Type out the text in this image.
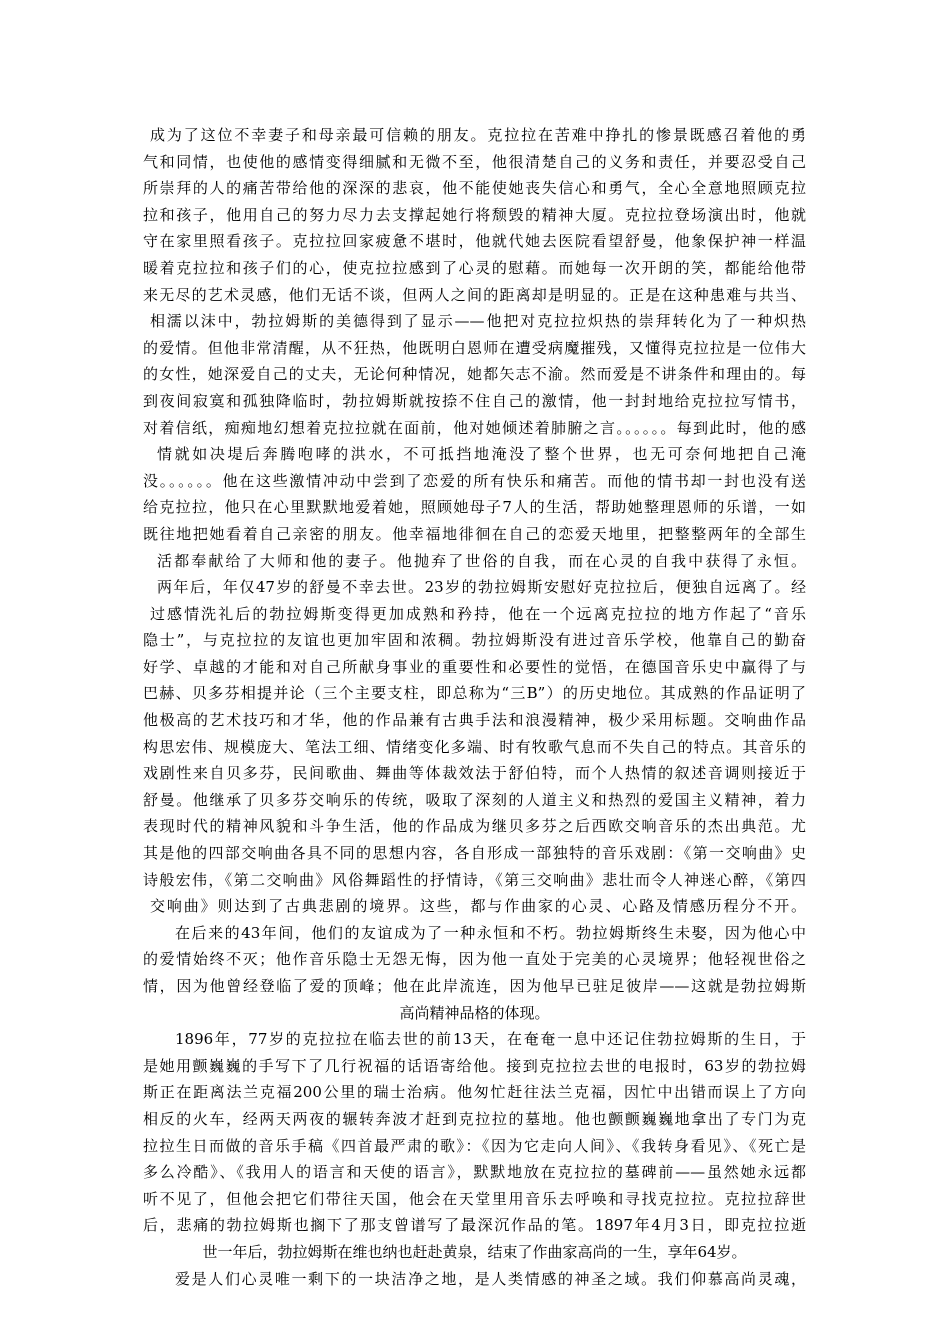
成为了这位不幸妻子和母亲最可信赖的朋友。克拉拉在苦难中挣扎的惨景既感召着他的勇
气和同情，也使他的感情变得细腻和无微不至，他很清楚自己的义务和责任，并要忍受自己
所崇拜的人的痛苦带给他的深深的悲哀，他不能使她丧失信心和勇气，全心全意地照顾克拉
拉和孩子，他用自己的努力尽力去支撑起她行将颓毁的精神大厦。克拉拉登场演出时，他就
守在家里照看孩子。克拉拉回家疲惫不堪时，他就代她去医院看望舒曼，他象保护神一样温
暖着克拉拉和孩子们的心，使克拉拉感到了心灵的慰藉。而她每一次开朗的笑，都能给他带
来无尽的艺术灵感，他们无话不谈，但两人之间的距离却是明显的。正是在这种患难与共当、
相濡以沫中，勃拉姆斯的美德得到了显示——他把对克拉拉炽热的崇拜转化为了一种炽热
的爱情。但他非常清醒，从不狂热，他既明白恩师在遭受病魔摧残，又懂得克拉拉是一位伟大
的女性，她深爱自己的丈夫，无论何种情况，她都矢志不渝。然而爱是不讲条件和理由的。每
到夜间寂寞和孤独降临时，勃拉姆斯就按捺不住自己的激情，他一封封地给克拉拉写情书，
对着信纸，痴痴地幻想着克拉拉就在面前，他对她倾述着肺腑之言。。。。。。每到此时，他的感
情就如决堤后奔腾咆哮的洪水，不可抵挡地淹没了整个世界，也无可奈何地把自己淹
没。。。。。。他在这些激情冲动中尝到了恋爱的所有快乐和痛苦。而他的情书却一封也没有送
给克拉拉，他只在心里默默地爱着她，照顾她母子7人的生活，帮助她整理恩师的乐谱，一如
既往地把她看着自己亲密的朋友。他幸福地徘徊在自己的恋爱天地里，把整整两年的全部生
活都奉献给了大师和他的妻子。他抛弃了世俗的自我，而在心灵的自我中获得了永恒。
两年后，年仅47岁的舒曼不幸去世。23岁的勃拉姆斯安慰好克拉拉后，便独自远离了。经
过感情洗礼后的勃拉姆斯变得更加成熟和矜持，他在一个远离克拉拉的地方作起了“音乐
隐士”，与克拉拉的友谊也更加牢固和浓稠。勃拉姆斯没有进过音乐学校，他靠自己的勤奋
好学、卓越的才能和对自己所献身事业的重要性和必要性的觉悟，在德国音乐史中赢得了与
巴赫、贝多芬相提并论（三个主要支柱，即总称为“三B”）的历史地位。其成熟的作品证明了
他极高的艺术技巧和才华，他的作品兼有古典手法和浪漫精神，极少采用标题。交响曲作品
构思宏伟、规模庞大、笔法工细、情绪变化多端、时有牧歌气息而不失自己的特点。其音乐的
戏剧性来自贝多芬，民间歌曲、舞曲等体裁效法于舒伯特，而个人热情的叙述音调则接近于
舒曼。他继承了贝多芬交响乐的传统，吸取了深刻的人道主义和热烈的爱国主义精神，着力
表现时代的精神风貌和斗争生活，他的作品成为继贝多芬之后西欧交响音乐的杰出典范。尤
其是他的四部交响曲各具不同的思想内容，各自形成一部独特的音乐戏剧：《第一交响曲》史
诗般宏伟，《第二交响曲》风俗舞蹈性的抒情诗，《第三交响曲》悲壮而令人神迷心醉，《第四
交响曲》则达到了古典悲剧的境界。这些，都与作曲家的心灵、心路及情感历程分不开。
在后来的43年间，他们的友谊成为了一种永恒和不朽。勃拉姆斯终生未娶，因为他心中
的爱情始终不灭；他作音乐隐士无怨无悔，因为他一直处于完美的心灵境界；他轻视世俗之
情，因为他曾经登临了爱的顶峰；他在此岸流连，因为他早已驻足彼岸——这就是勃拉姆斯
高尚精神品格的体现。
1896年，77岁的克拉拉在临去世的前13天，在奄奄一息中还记住勃拉姆斯的生日，于
是她用颤巍巍的手写下了几行祝福的话语寄给他。接到克拉拉去世的电报时，63岁的勃拉姆
斯正在距离法兰克福200公里的瑞士治病。他匆忙赶往法兰克福，因忙中出错而误上了方向
相反的火车，经两天两夜的辗转奔波才赶到克拉拉的墓地。他也颤颤巍巍地拿出了专门为克
拉拉生日而做的音乐手稿《四首最严肃的歌》：《因为它走向人间》、《我转身看见》、《死亡是
多么冷酷》、《我用人的语言和天使的语言》，默默地放在克拉拉的墓碑前——虽然她永远都
听不见了，但他会把它们带往天国，他会在天堂里用音乐去呼唤和寻找克拉拉。克拉拉辞世
后，悲痛的勃拉姆斯也搁下了那支曾谱写了最深沉作品的笔。1897年4月3日，即克拉拉逝
世一年后，勃拉姆斯在维也纳也赶赴黄泉，结束了作曲家高尚的一生，享年64岁。
爱是人们心灵唯一剩下的一块洁净之地，是人类情感的神圣之域。我们仰慕高尚灵魂，
